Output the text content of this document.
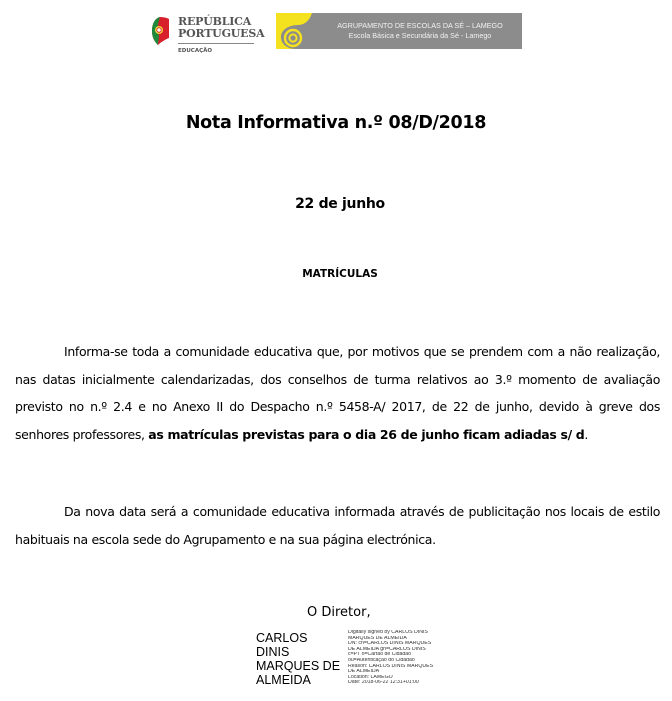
REPÚBLICA
PORTUGUESA
EDUCAÇÃO
AGRUPAMENTO DE ESCOLAS DA SÉ – LAMEGO
Escola Básica e Secundária da Sé - Lamego
Nota Informativa n.º 08/D/2018
22 de junho
MATRÍCULAS
Informa-se toda a comunidade educativa que, por motivos que se prendem com a não realização, nas datas inicialmente calendarizadas, dos conselhos de turma relativos ao 3.º momento de avaliação previsto no n.º 2.4 e no Anexo II do Despacho n.º 5458-A/ 2017, de 22 de junho, devido à greve dos senhores professores, as matrículas previstas para o dia 26 de junho ficam adiadas s/ d.
Da nova data será a comunidade educativa informada através de publicitação nos locais de estilo habituais na escola sede do Agrupamento e na sua página electrónica.
O Diretor,
CARLOS
DINIS
MARQUES DE
ALMEIDA
Digitally signed by CARLOS DINIS
MARQUES DE ALMEIDA
DN: cn=CARLOS DINIS MARQUES
DE ALMEIDA gn=CARLOS DINIS
c=PT o=Cartão de Cidadão
ou=Autenticação do Cidadão
Reason: CARLOS DINIS MARQUES
DE ALMEIDA
Location: LAMEGO
Date: 2018-06-22 12:31+01:00
